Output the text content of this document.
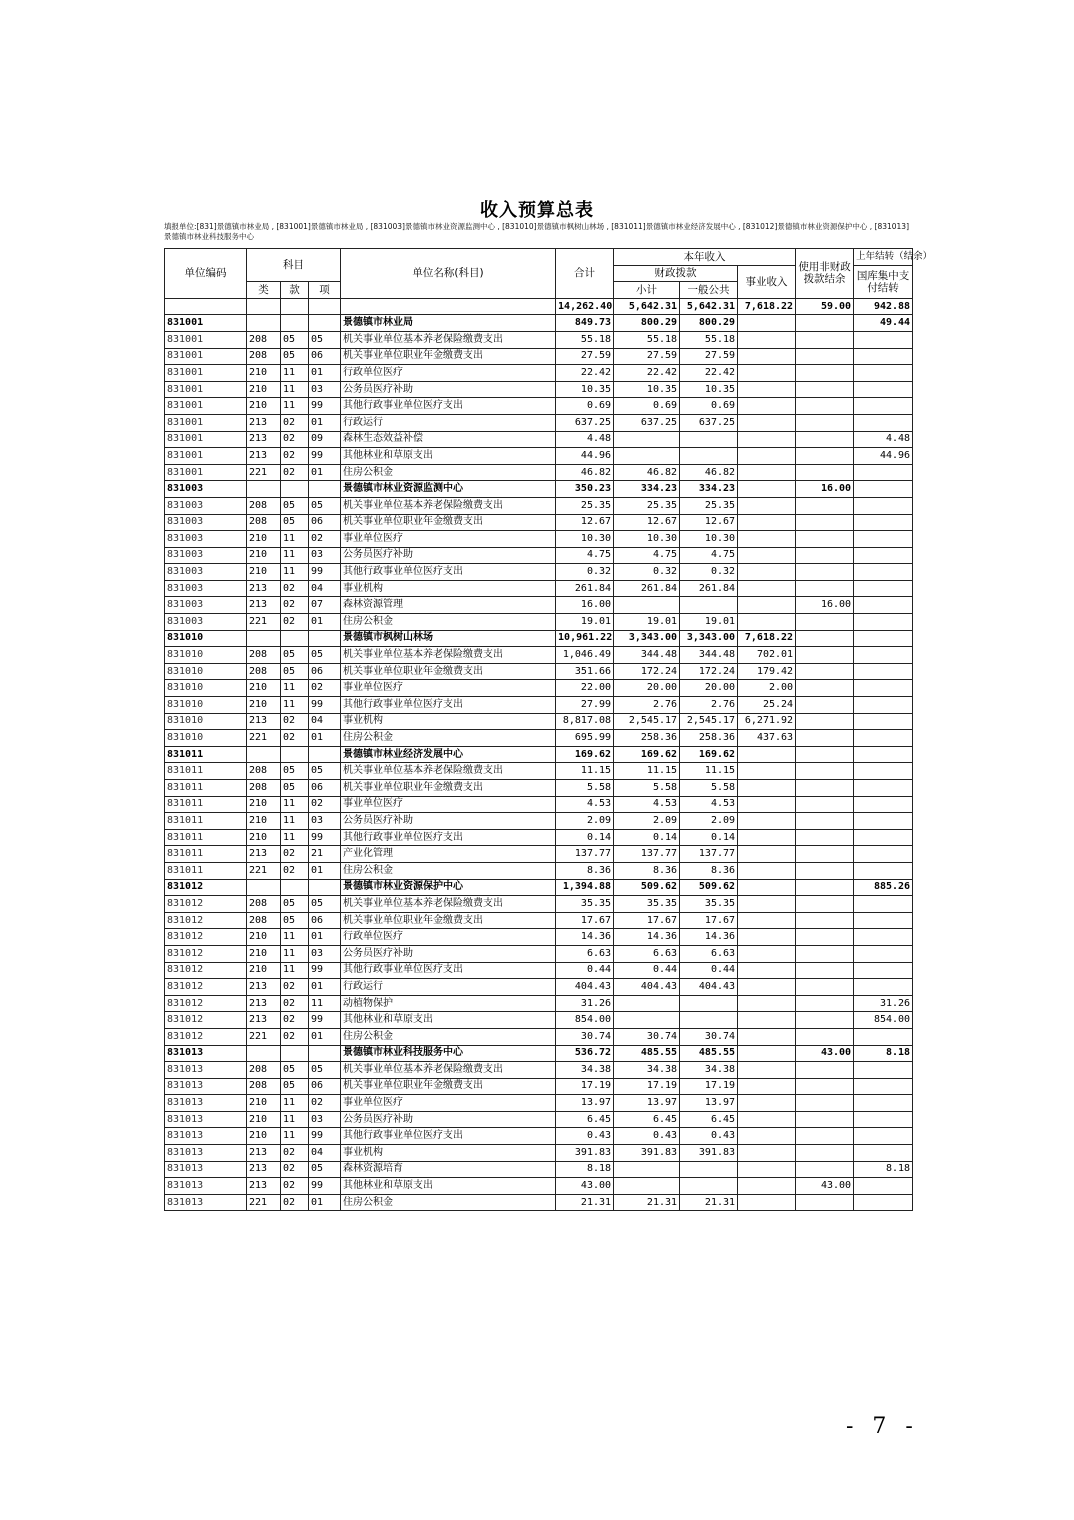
收入预算总表
填报单位:[831]景德镇市林业局 , [831001]景德镇市林业局 , [831003]景德镇市林业资源监测中心 , [831010]景德镇市枫树山林场 , [831011]景德镇市林业经济发展中心 , [831012]景德镇市林业资源保护中心 , [831013]景德镇市林业科技服务中心
单位编码	科目			单位名称(科目)	合计	本年收入			使用非财政拨款结余	上年结转（结余）
						财政拨款		事业收入		国库集中支付结转
	类	款	项			小计	一般公共			
					14,262.40	5,642.31	5,642.31	7,618.22	59.00	942.88
831001				景德镇市林业局	849.73	800.29	800.29			49.44
831001	208	05	05	机关事业单位基本养老保险缴费支出	55.18	55.18	55.18			
831001	208	05	06	机关事业单位职业年金缴费支出	27.59	27.59	27.59			
831001	210	11	01	行政单位医疗	22.42	22.42	22.42			
831001	210	11	03	公务员医疗补助	10.35	10.35	10.35			
831001	210	11	99	其他行政事业单位医疗支出	0.69	0.69	0.69			
831001	213	02	01	行政运行	637.25	637.25	637.25			
831001	213	02	09	森林生态效益补偿	4.48					4.48
831001	213	02	99	其他林业和草原支出	44.96					44.96
831001	221	02	01	住房公积金	46.82	46.82	46.82			
831003				景德镇市林业资源监测中心	350.23	334.23	334.23		16.00	
831003	208	05	05	机关事业单位基本养老保险缴费支出	25.35	25.35	25.35			
831003	208	05	06	机关事业单位职业年金缴费支出	12.67	12.67	12.67			
831003	210	11	02	事业单位医疗	10.30	10.30	10.30			
831003	210	11	03	公务员医疗补助	4.75	4.75	4.75			
831003	210	11	99	其他行政事业单位医疗支出	0.32	0.32	0.32			
831003	213	02	04	事业机构	261.84	261.84	261.84			
831003	213	02	07	森林资源管理	16.00				16.00	
831003	221	02	01	住房公积金	19.01	19.01	19.01			
831010				景德镇市枫树山林场	10,961.22	3,343.00	3,343.00	7,618.22		
831010	208	05	05	机关事业单位基本养老保险缴费支出	1,046.49	344.48	344.48	702.01		
831010	208	05	06	机关事业单位职业年金缴费支出	351.66	172.24	172.24	179.42		
831010	210	11	02	事业单位医疗	22.00	20.00	20.00	2.00		
831010	210	11	99	其他行政事业单位医疗支出	27.99	2.76	2.76	25.24		
831010	213	02	04	事业机构	8,817.08	2,545.17	2,545.17	6,271.92		
831010	221	02	01	住房公积金	695.99	258.36	258.36	437.63		
831011				景德镇市林业经济发展中心	169.62	169.62	169.62			
831011	208	05	05	机关事业单位基本养老保险缴费支出	11.15	11.15	11.15			
831011	208	05	06	机关事业单位职业年金缴费支出	5.58	5.58	5.58			
831011	210	11	02	事业单位医疗	4.53	4.53	4.53			
831011	210	11	03	公务员医疗补助	2.09	2.09	2.09			
831011	210	11	99	其他行政事业单位医疗支出	0.14	0.14	0.14			
831011	213	02	21	产业化管理	137.77	137.77	137.77			
831011	221	02	01	住房公积金	8.36	8.36	8.36			
831012				景德镇市林业资源保护中心	1,394.88	509.62	509.62			885.26
831012	208	05	05	机关事业单位基本养老保险缴费支出	35.35	35.35	35.35			
831012	208	05	06	机关事业单位职业年金缴费支出	17.67	17.67	17.67			
831012	210	11	01	行政单位医疗	14.36	14.36	14.36			
831012	210	11	03	公务员医疗补助	6.63	6.63	6.63			
831012	210	11	99	其他行政事业单位医疗支出	0.44	0.44	0.44			
831012	213	02	01	行政运行	404.43	404.43	404.43			
831012	213	02	11	动植物保护	31.26					31.26
831012	213	02	99	其他林业和草原支出	854.00					854.00
831012	221	02	01	住房公积金	30.74	30.74	30.74			
831013				景德镇市林业科技服务中心	536.72	485.55	485.55		43.00	8.18
831013	208	05	05	机关事业单位基本养老保险缴费支出	34.38	34.38	34.38			
831013	208	05	06	机关事业单位职业年金缴费支出	17.19	17.19	17.19			
831013	210	11	02	事业单位医疗	13.97	13.97	13.97			
831013	210	11	03	公务员医疗补助	6.45	6.45	6.45			
831013	210	11	99	其他行政事业单位医疗支出	0.43	0.43	0.43			
831013	213	02	04	事业机构	391.83	391.83	391.83			
831013	213	02	05	森林资源培育	8.18					8.18
831013	213	02	99	其他林业和草原支出	43.00				43.00	
831013	221	02	01	住房公积金	21.31	21.31	21.31			
- 7 -
